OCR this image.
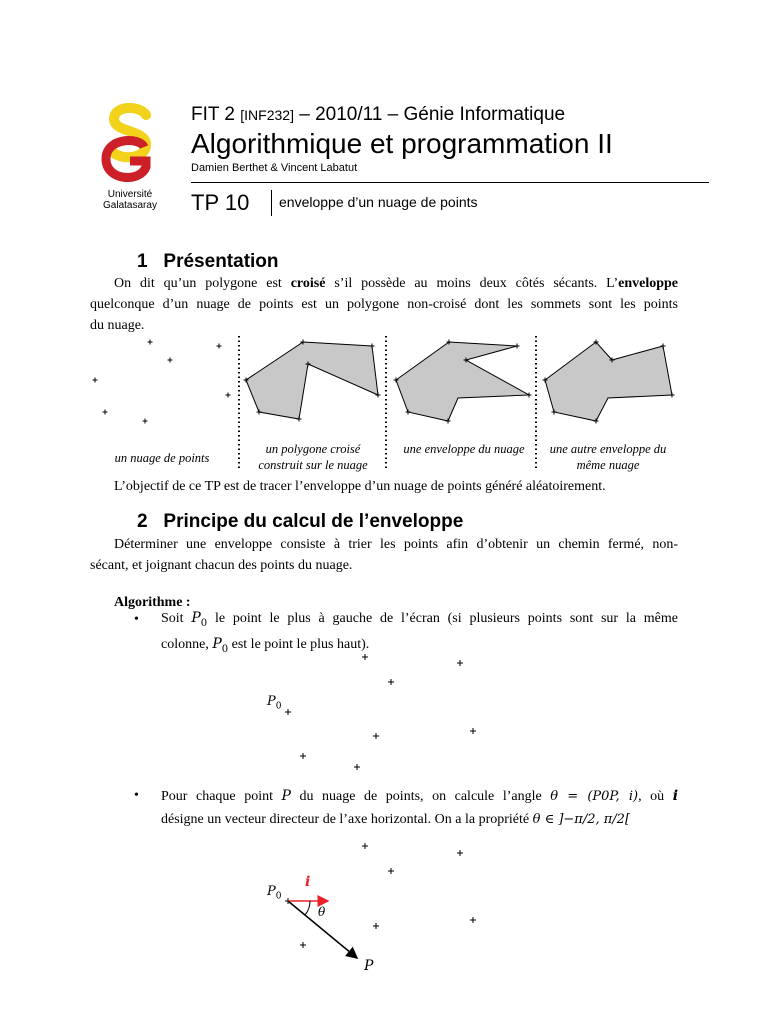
Université
Galatasaray
FIT 2 [INF232] – 2010/11 – Génie Informatique
Algorithmique et programmation II
Damien Berthet & Vincent Labatut
TP 10 enveloppe d’un nuage de points
1 Présentation

On dit qu’un polygone est croisé s’il possède au moins deux côtés sécants. L’enveloppe

quelconque d’un nuage de points est un polygone non-croisé dont les sommets sont les points

du nuage.

un nuage de points
un polygone croisé construit sur le nuage
une enveloppe du nuage	une autre enveloppe du même nuage
L’objectif de ce TP est de tracer l’enveloppe d’un nuage de points généré aléatoirement.
2 Principe du calcul de l’enveloppe

Déterminer une enveloppe consiste à trier les points afin d’obtenir un chemin fermé, non-

sécant, et joignant chacun des points du nuage.

Algorithme :
• Soit $P_0$ le point le plus à gauche de l’écran (si plusieurs points sont sur la même

colonne, $P_0$ est le point le plus haut).

$P_0$
• Pour chaque point P du nuage de points, on calcule l’angle θ = (P0P, i), où i

désigne un vecteur directeur de l’axe horizontal. On a la propriété θ ∈ ]−π/2, π/2[

$P_0$
i
θ
P
